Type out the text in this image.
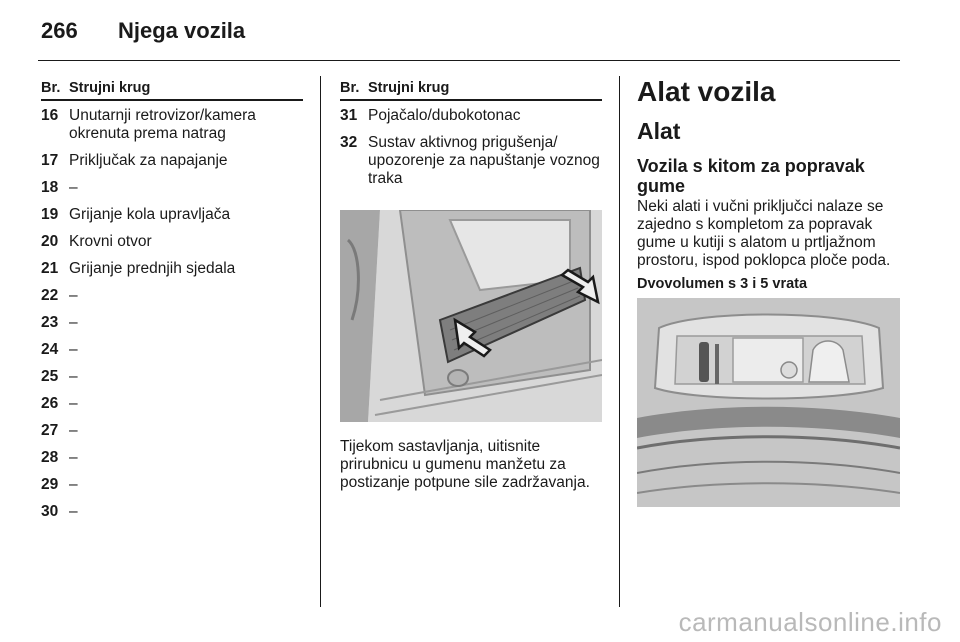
266 Njega vozila
Br. Strujni krug
16 Unutarnji retrovizor/kamera okrenuta prema natrag
17 Priključak za napajanje
18 –
19 Grijanje kola upravljača
20 Krovni otvor
21 Grijanje prednjih sjedala
22 –
23 –
24 –
25 –
26 –
27 –
28 –
29 –
30 –
Br. Strujni krug
31 Pojačalo/dubokotonac
32 Sustav aktivnog prigušenja/ upozorenje za napuštanje voznog traka
Tijekom sastavljanja, uitisnite prirubnicu u gumenu manžetu za postizanje potpune sile zadržavanja.
Alat vozila
Alat
Vozila s kitom za popravak gume
Neki alati i vučni priključci nalaze se zajedno s kompletom za popravak gume u kutiji s alatom u prtljažnom prostoru, ispod poklopca ploče poda.
Dvovolumen s 3 i 5 vrata
carmanualsonline.info
